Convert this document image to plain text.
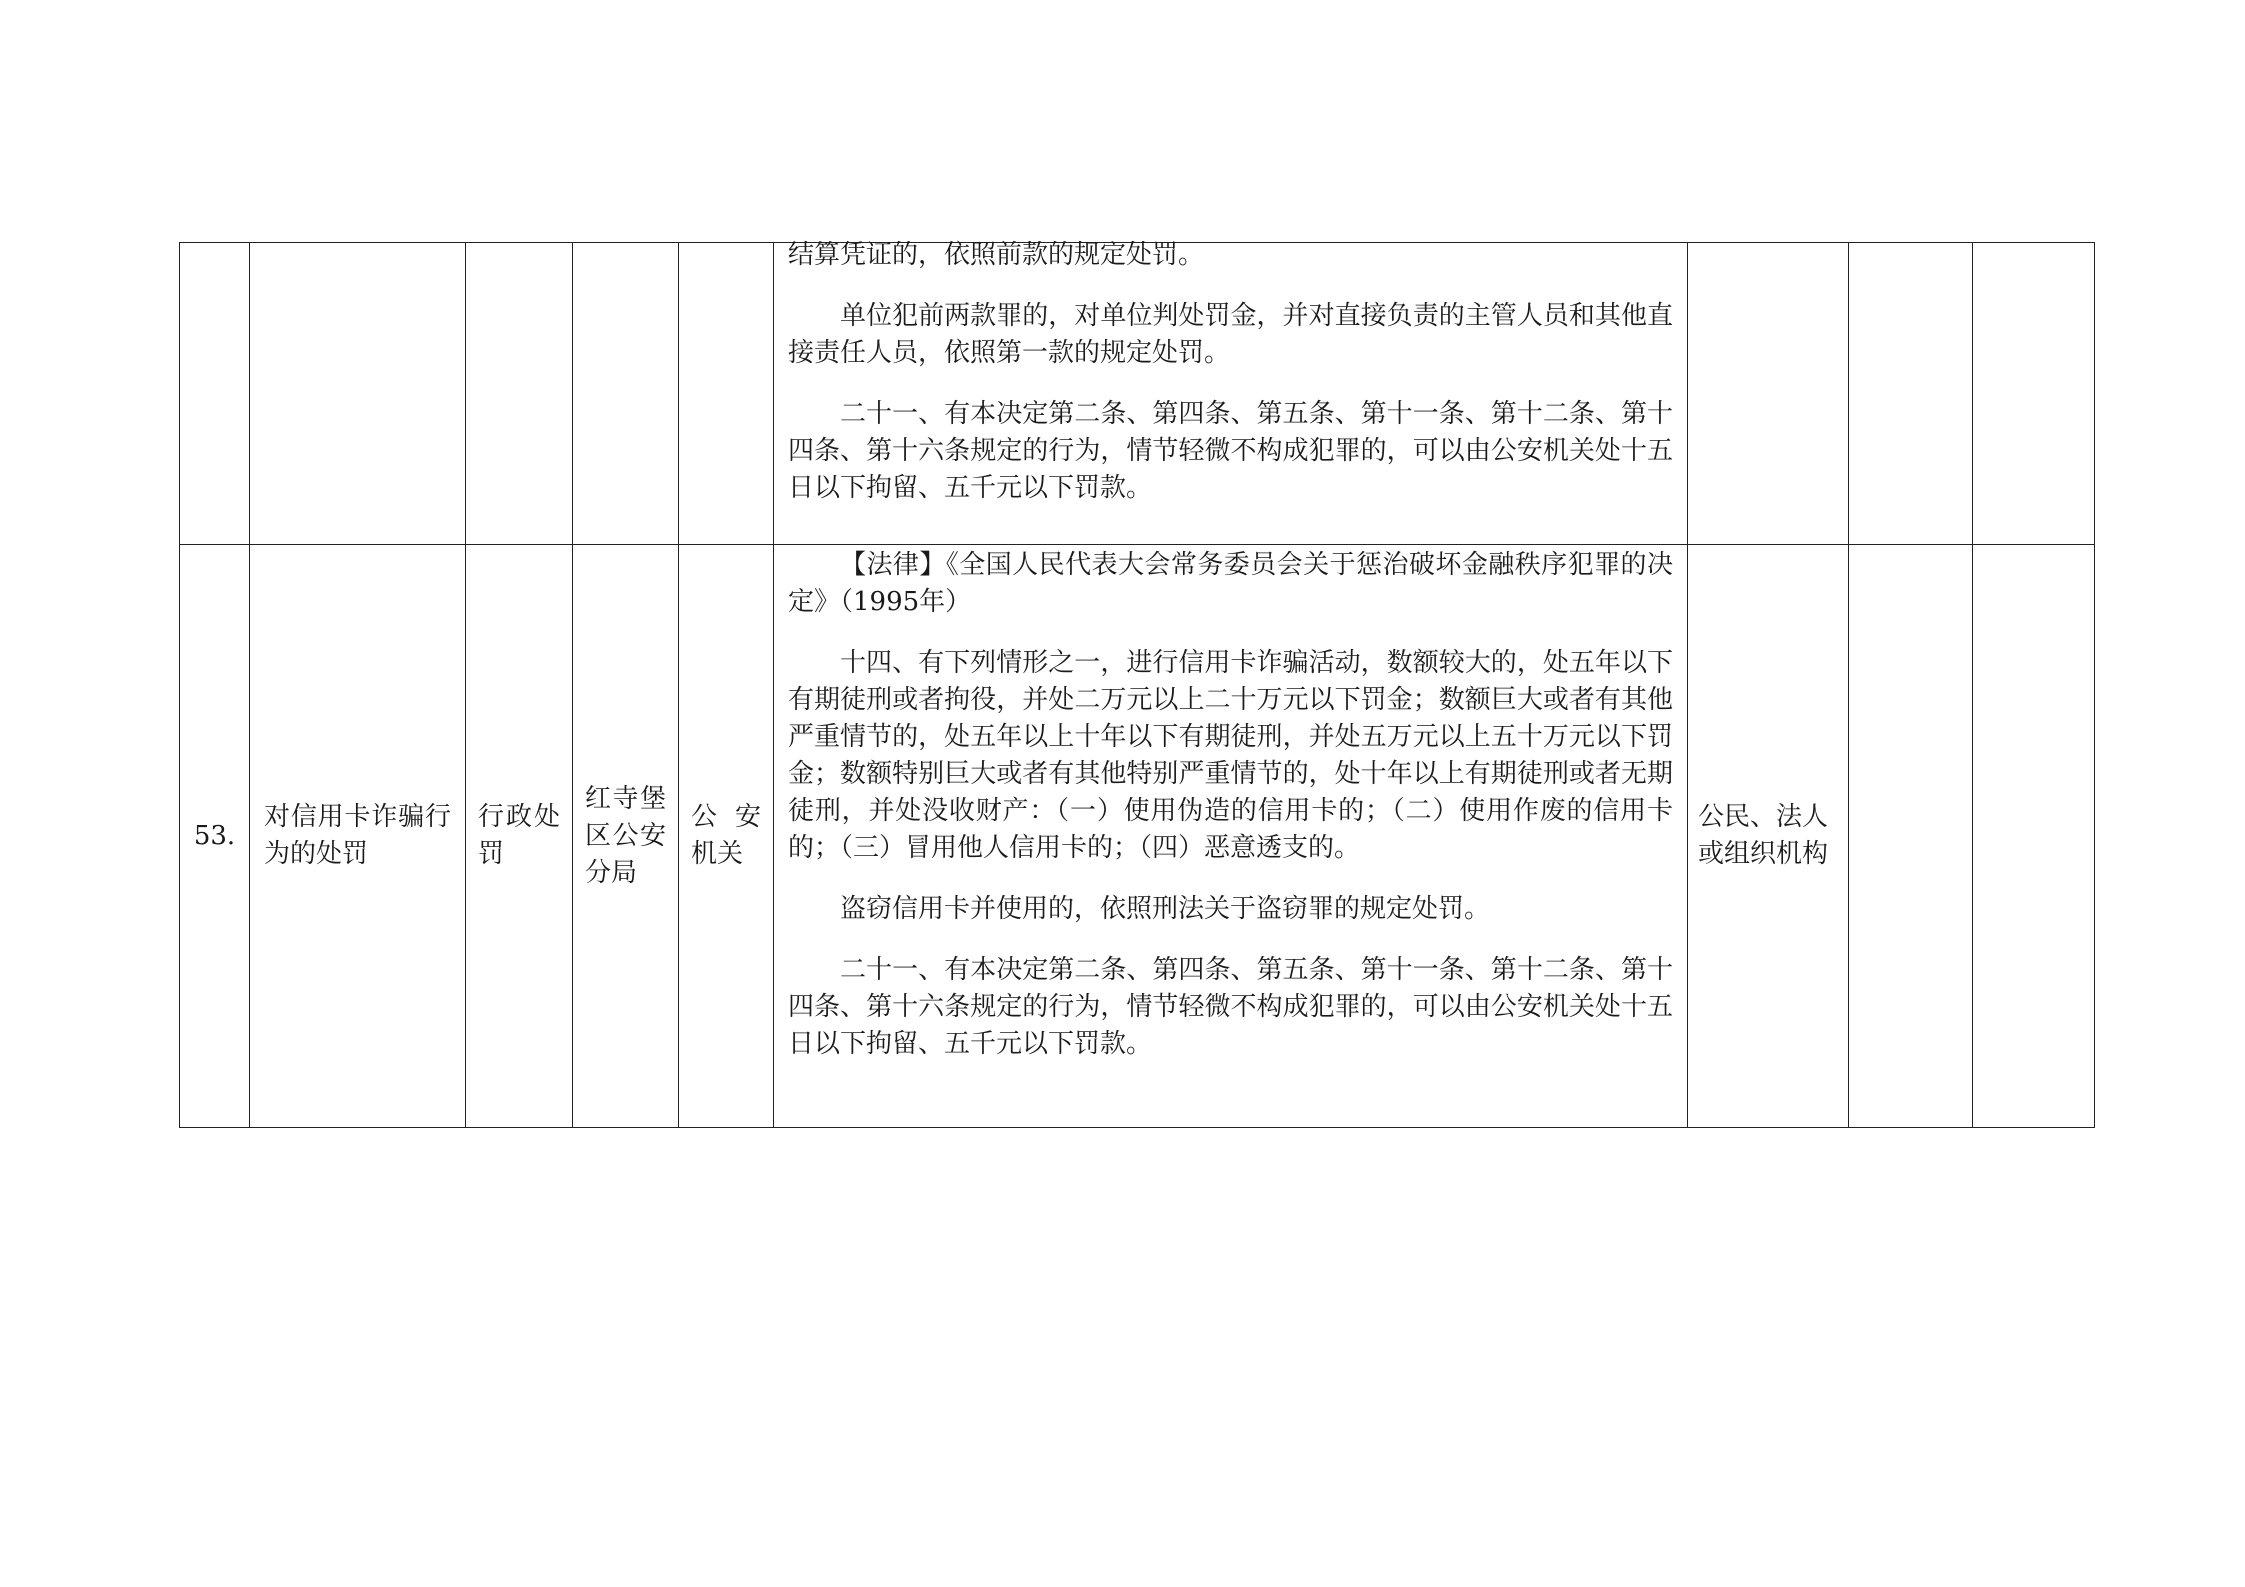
					结算凭证的，依照前款的规定处罚。

单位犯前两款罪的，对单位判处罚金，并对直接负责的主管人员和其他直接责任人员，依照第一款的规定处罚。

二十一、有本决定第二条、第四条、第五条、第十一条、第十二条、第十四条、第十六条规定的行为，情节轻微不构成犯罪的，可以由公安机关处十五日以下拘留、五千元以下罚款。			

53.	对信用卡诈骗行为的处罚	行政处罚	红寺堡区公安分局	公安机关	【法律】《全国人民代表大会常务委员会关于惩治破坏金融秩序犯罪的决定》（1995年）

十四、有下列情形之一，进行信用卡诈骗活动，数额较大的，处五年以下有期徒刑或者拘役，并处二万元以上二十万元以下罚金；数额巨大或者有其他严重情节的，处五年以上十年以下有期徒刑，并处五万元以上五十万元以下罚金；数额特别巨大或者有其他特别严重情节的，处十年以上有期徒刑或者无期徒刑，并处没收财产：（一）使用伪造的信用卡的；（二）使用作废的信用卡的；（三）冒用他人信用卡的；（四）恶意透支的。

盗窃信用卡并使用的，依照刑法关于盗窃罪的规定处罚。

二十一、有本决定第二条、第四条、第五条、第十一条、第十二条、第十四条、第十六条规定的行为，情节轻微不构成犯罪的，可以由公安机关处十五日以下拘留、五千元以下罚款。	公民、法人或组织机构		
